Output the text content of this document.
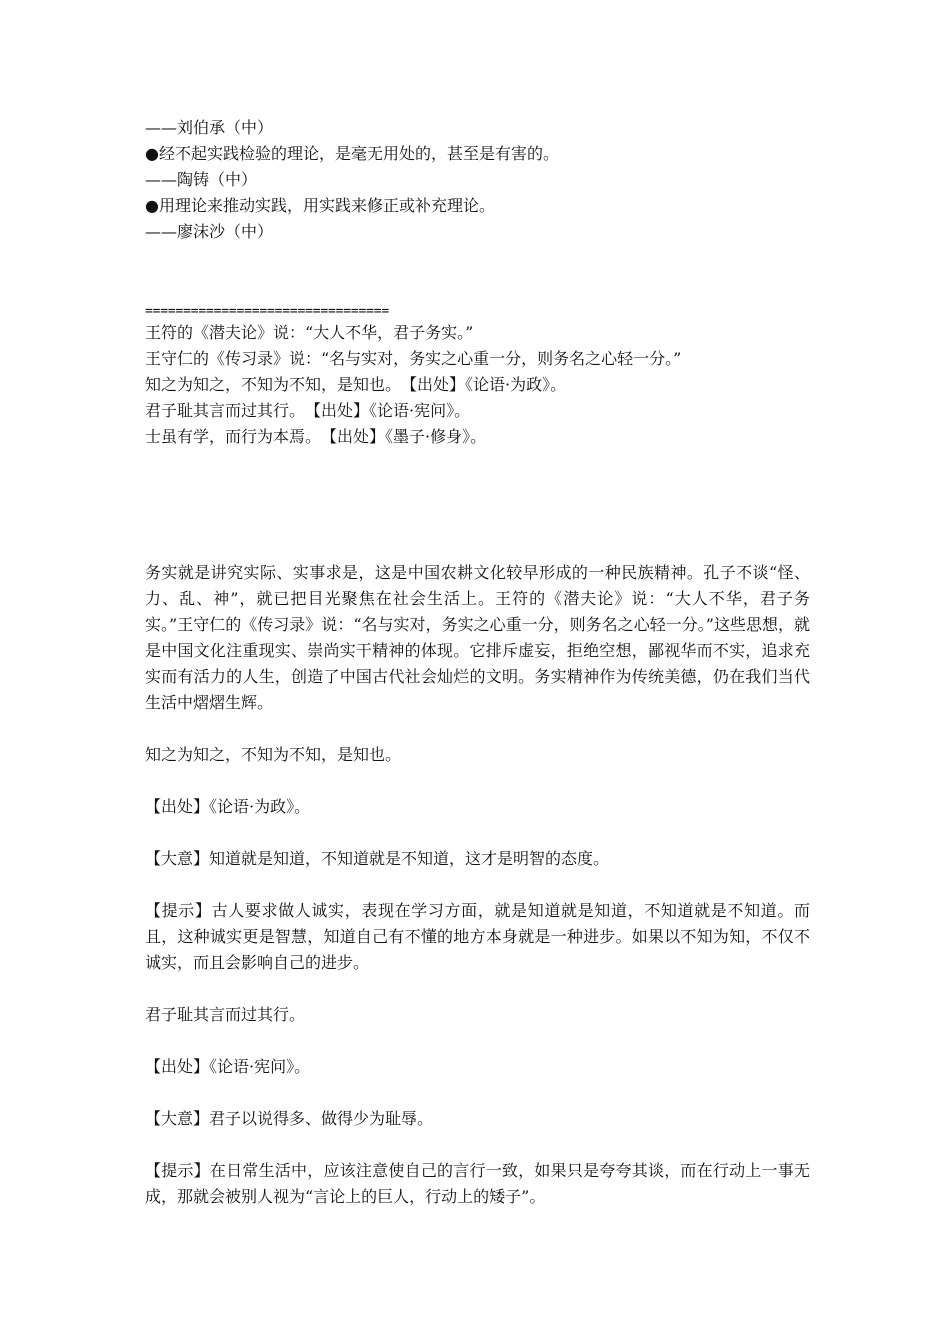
——刘伯承（中）
●经不起实践检验的理论，是毫无用处的，甚至是有害的。
——陶铸（中）
●用理论来推动实践，用实践来修正或补充理论。
——廖沫沙（中）
================================
王符的《潜夫论》说：“大人不华，君子务实。”
王守仁的《传习录》说：“名与实对，务实之心重一分，则务名之心轻一分。”
知之为知之，不知为不知，是知也。　【出处】《论语·为政》。
君子耻其言而过其行。　【出处】《论语·宪问》。
士虽有学，而行为本焉。　【出处】《墨子·修身》。

务实就是讲究实际、实事求是，这是中国农耕文化较早形成的一种民族精神。孔子不谈“怪、力、乱、神”，就已把目光聚焦在社会生活上。王符的《潜夫论》说：“大人不华，君子务实。”王守仁的《传习录》说：“名与实对，务实之心重一分，则务名之心轻一分。”这些思想，就是中国文化注重现实、崇尚实干精神的体现。它排斥虚妄，拒绝空想，鄙视华而不实，追求充实而有活力的人生，创造了中国古代社会灿烂的文明。务实精神作为传统美德，仍在我们当代生活中熠熠生辉。

知之为知之，不知为不知，是知也。

【出处】《论语·为政》。

【大意】知道就是知道，不知道就是不知道，这才是明智的态度。

【提示】古人要求做人诚实，表现在学习方面，就是知道就是知道，不知道就是不知道。而且，这种诚实更是智慧，知道自己有不懂的地方本身就是一种进步。如果以不知为知，不仅不诚实，而且会影响自己的进步。

君子耻其言而过其行。

【出处】《论语·宪问》。

【大意】君子以说得多、做得少为耻辱。

【提示】在日常生活中，应该注意使自己的言行一致，如果只是夸夸其谈，而在行动上一事无成，那就会被别人视为“言论上的巨人，行动上的矮子”。
